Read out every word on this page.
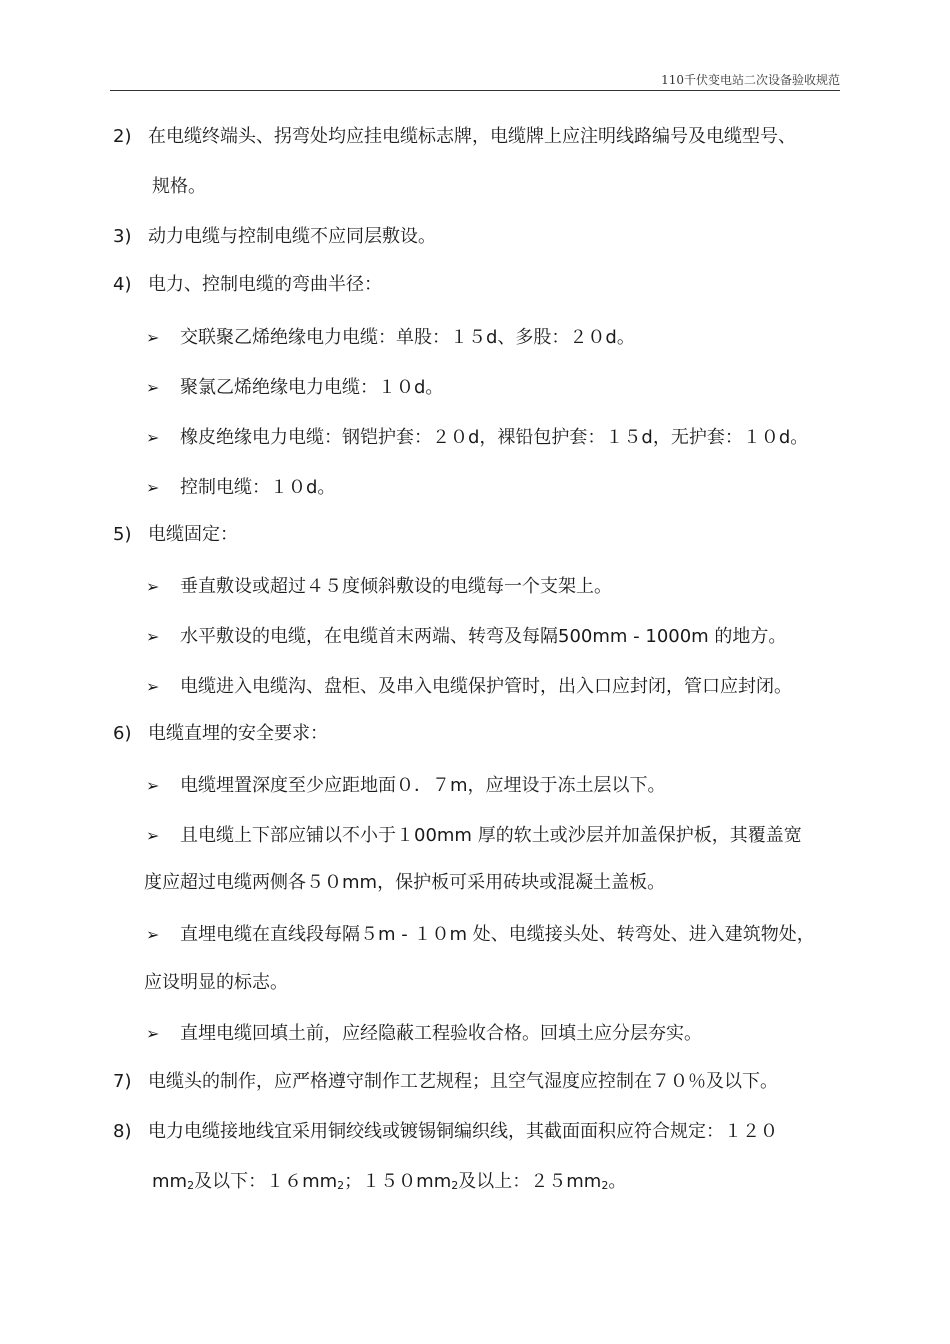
110千伏变电站二次设备验收规范
2) 在电缆终端头、拐弯处均应挂电缆标志牌，电缆牌上应注明线路编号及电缆型号、
规格。
3) 动力电缆与控制电缆不应同层敷设。
4) 电力、控制电缆的弯曲半径：
➢ 交联聚乙烯绝缘电力电缆：单股：１５d、多股：２０d。
➢ 聚氯乙烯绝缘电力电缆：１０d。
➢ 橡皮绝缘电力电缆：钢铠护套：２０d，裸铅包护套：１５d，无护套：１０d。
➢ 控制电缆：１０d。
5) 电缆固定：
➢ 垂直敷设或超过４５度倾斜敷设的电缆每一个支架上。
➢ 水平敷设的电缆，在电缆首末两端、转弯及每隔500mm - 1000m 的地方。
➢ 电缆进入电缆沟、盘柜、及串入电缆保护管时，出入口应封闭，管口应封闭。
6) 电缆直埋的安全要求：
➢ 电缆埋置深度至少应距地面０．７m，应埋设于冻土层以下。
➢ 且电缆上下部应铺以不小于１00mm 厚的软土或沙层并加盖保护板，其覆盖宽
度应超过电缆两侧各５０mm，保护板可采用砖块或混凝土盖板。
➢ 直埋电缆在直线段每隔５m - １０m 处、电缆接头处、转弯处、进入建筑物处，
应设明显的标志。
➢ 直埋电缆回填土前，应经隐蔽工程验收合格。回填土应分层夯实。
7) 电缆头的制作，应严格遵守制作工艺规程；且空气湿度应控制在７０％及以下。
8) 电力电缆接地线宜采用铜绞线或镀锡铜编织线，其截面面积应符合规定：１２０
$mm_2$及以下：$16mm_2$；$150mm_2$及以上：$25mm_2$。
